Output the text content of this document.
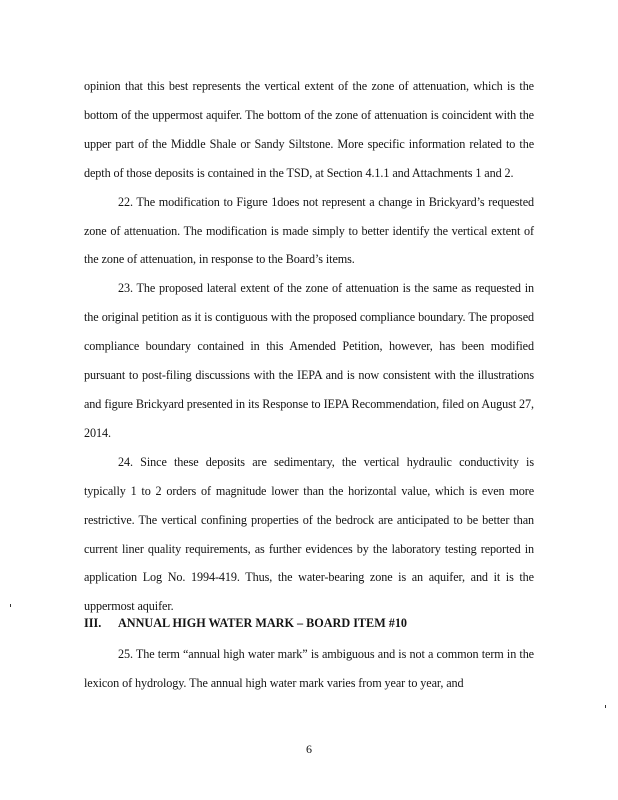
opinion that this best represents the vertical extent of the zone of attenuation, which is the bottom of the uppermost aquifer. The bottom of the zone of attenuation is coincident with the upper part of the Middle Shale or Sandy Siltstone. More specific information related to the depth of those deposits is contained in the TSD, at Section 4.1.1 and Attachments 1 and 2.

22. The modification to Figure 1does not represent a change in Brickyard’s requested zone of attenuation. The modification is made simply to better identify the vertical extent of the zone of attenuation, in response to the Board’s items.

23. The proposed lateral extent of the zone of attenuation is the same as requested in the original petition as it is contiguous with the proposed compliance boundary. The proposed compliance boundary contained in this Amended Petition, however, has been modified pursuant to post-filing discussions with the IEPA and is now consistent with the illustrations and figure Brickyard presented in its Response to IEPA Recommendation, filed on August 27, 2014.

24. Since these deposits are sedimentary, the vertical hydraulic conductivity is typically 1 to 2 orders of magnitude lower than the horizontal value, which is even more restrictive. The vertical confining properties of the bedrock are anticipated to be better than current liner quality requirements, as further evidences by the laboratory testing reported in application Log No. 1994-419. Thus, the water-bearing zone is an aquifer, and it is the uppermost aquifer.

III. ANNUAL HIGH WATER MARK – BOARD ITEM #10

25. The term “annual high water mark” is ambiguous and is not a common term in the lexicon of hydrology. The annual high water mark varies from year to year, and

6
